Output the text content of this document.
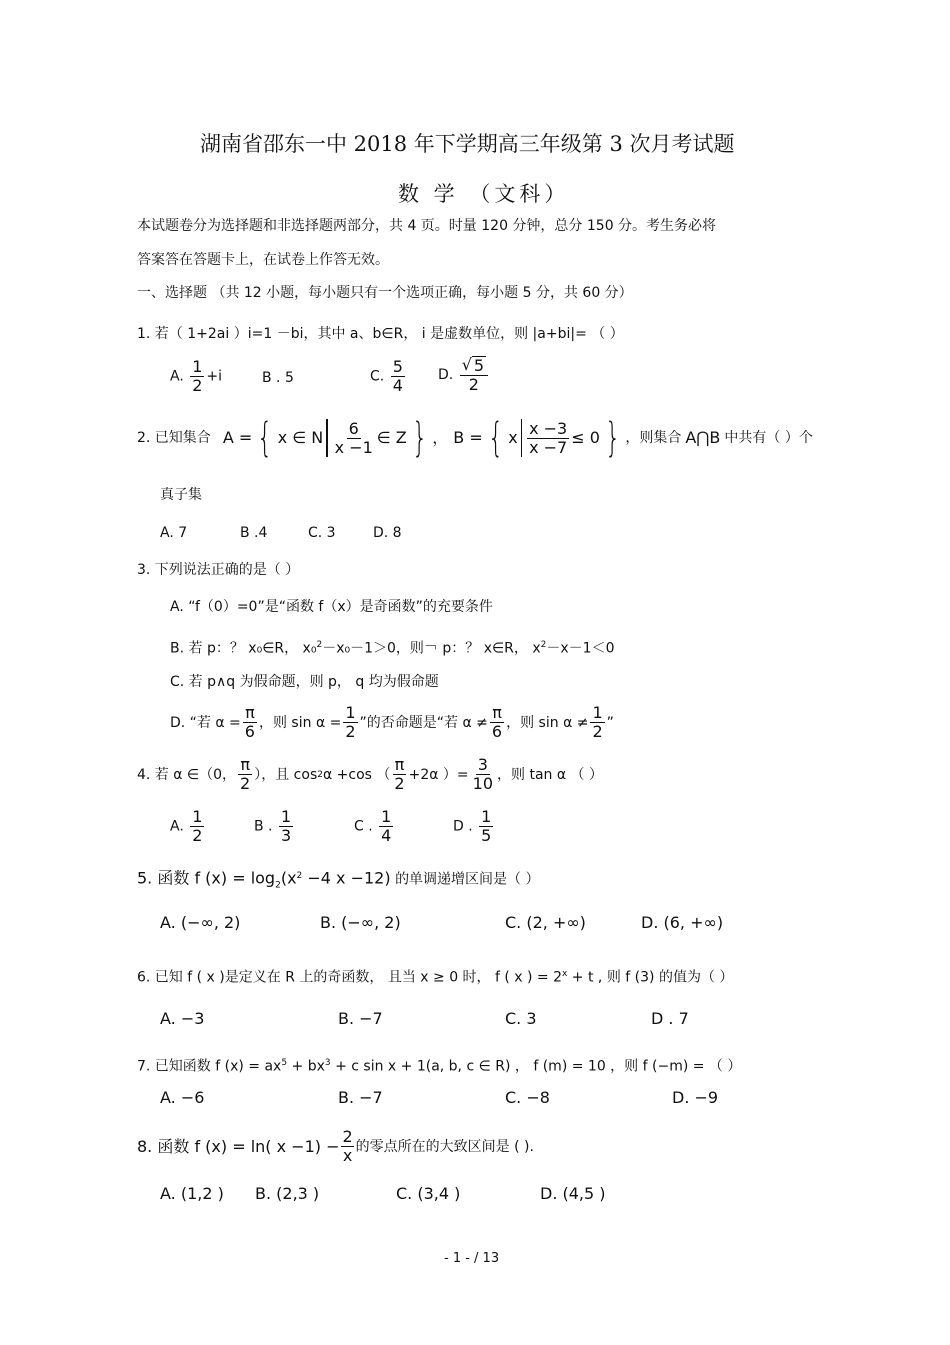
湖南省邵东一中 2018 年下学期高三年级第 3 次月考试题
数 学 （文科）
本试题卷分为选择题和非选择题两部分，共 4 页。时量 120 分钟，总分 150 分。考生务必将
答案答在答题卡上，在试卷上作答无效。
一、选择题 （共 12 小题，每小题只有一个选项正确，每小题 5 分，共 60 分）
1. 若（ 1+2ai ）i=1 －bi，其中 a、b∈R， i 是虚数单位，则 |a+bi|= （ ）
A. $\frac{1}{2} +i$	B . 5	C. $\frac{5}{4} D$. $\frac{√ 5}{2}$
2. 已知集合 A = { x ∈ N $\frac{6}{x -1}$ ∈ Z } ， B = { x $\frac{x -3}{x -7} \le 0$ } ，则集合 A⋂B 中共有（ ） 个
真子集
A. 7	B .4	C. 3	D. 8
3. 下列说法正确的是（ ）
A. “f（0）=0”是“函数 f（x）是奇函数”的充要条件
B. 若 p：？ x₀∈R， x₀$^2$－x₀－1＞0，则￢ p：？ x∈R， $x^2-x-1<0$
C. 若 p∧q 为假命题，则 p， q 均为假命题
D. “若 $\alpha = \frac{\pi}{6}$ ，则 $\sin \alpha = \frac{1}{2}$ ”的否命题是“若 $\alpha \ne \frac{\pi}{6}$ ，则 $\sin \alpha \ne \frac{1}{2}$ ”
4. 若 α ∈（0， $\frac{\pi}{2}$ ），且 cos 2 α +cos （ $\frac{\pi}{2} +2\alpha$ ）= $\frac{3}{10}$ ，则 tan α （ ）
A. $\frac{1}{2}$	B . $\frac{1}{3}$	C . $\frac{1}{4}$	D . $\frac{1}{5}$
5. 函数 f $(x) = \log_2(x^2 -4$ x −12) 的单调递增区间是（ ）
A. (−∞, 2)	B. (−∞, 2)	C. (2, +∞)	D. (6, +∞)
6. 已知 f ( x )是定义在 R 上的奇函数， 且当 x ≥ 0 时， f ( x ) = $2^x + t$ , 则 f (3) 的值为（ ）
A. −3	B. −7	C. 3	D . 7
7. 已知函数 f $(x) = ax^5 + bx^3 + c$ sin x + 1(a, b, c ∈ R) ， f (m) = 10 ，则 f (−m) = （ ）
A. −6	B. −7	C. −8	D. −9
8. 函数 f (x) = ln( $x -1) - \frac{2}{x}$ 的零点所在的大致区间是 ( ).
A. (1,2 ) B. (2,3 )	C. (3,4 )	D. (4,5 )
- 1 - / 13
